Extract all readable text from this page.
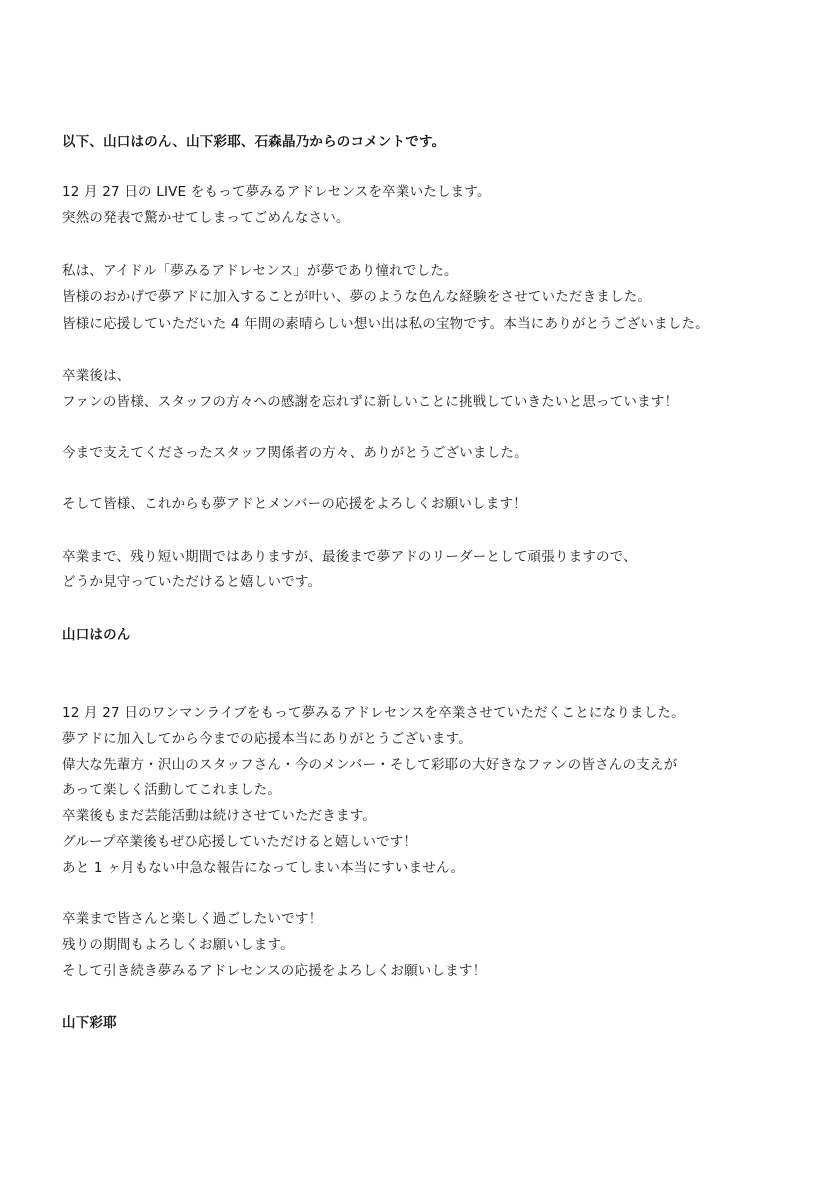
以下、山口はのん、山下彩耶、石森晶乃からのコメントです。
12 月 27 日の LIVE をもって夢みるアドレセンスを卒業いたします。
突然の発表で驚かせてしまってごめんなさい。
私は、アイドル「夢みるアドレセンス」が夢であり憧れでした。
皆様のおかげで夢アドに加入することが叶い、夢のような色んな経験をさせていただきました。
皆様に応援していただいた 4 年間の素晴らしい想い出は私の宝物です。本当にありがとうございました。
卒業後は、
ファンの皆様、スタッフの方々への感謝を忘れずに新しいことに挑戦していきたいと思っています！
今まで支えてくださったスタッフ関係者の方々、ありがとうございました。
そして皆様、これからも夢アドとメンバーの応援をよろしくお願いします！
卒業まで、残り短い期間ではありますが、最後まで夢アドのリーダーとして頑張りますので、
どうか見守っていただけると嬉しいです。
山口はのん
12 月 27 日のワンマンライブをもって夢みるアドレセンスを卒業させていただくことになりました。
夢アドに加入してから今までの応援本当にありがとうございます。
偉大な先輩方・沢山のスタッフさん・今のメンバー・そして彩耶の大好きなファンの皆さんの支えが
あって楽しく活動してこれました。
卒業後もまだ芸能活動は続けさせていただきます。
グループ卒業後もぜひ応援していただけると嬉しいです！
あと 1 ヶ月もない中急な報告になってしまい本当にすいません。
卒業まで皆さんと楽しく過ごしたいです！
残りの期間もよろしくお願いします。
そして引き続き夢みるアドレセンスの応援をよろしくお願いします！
山下彩耶
